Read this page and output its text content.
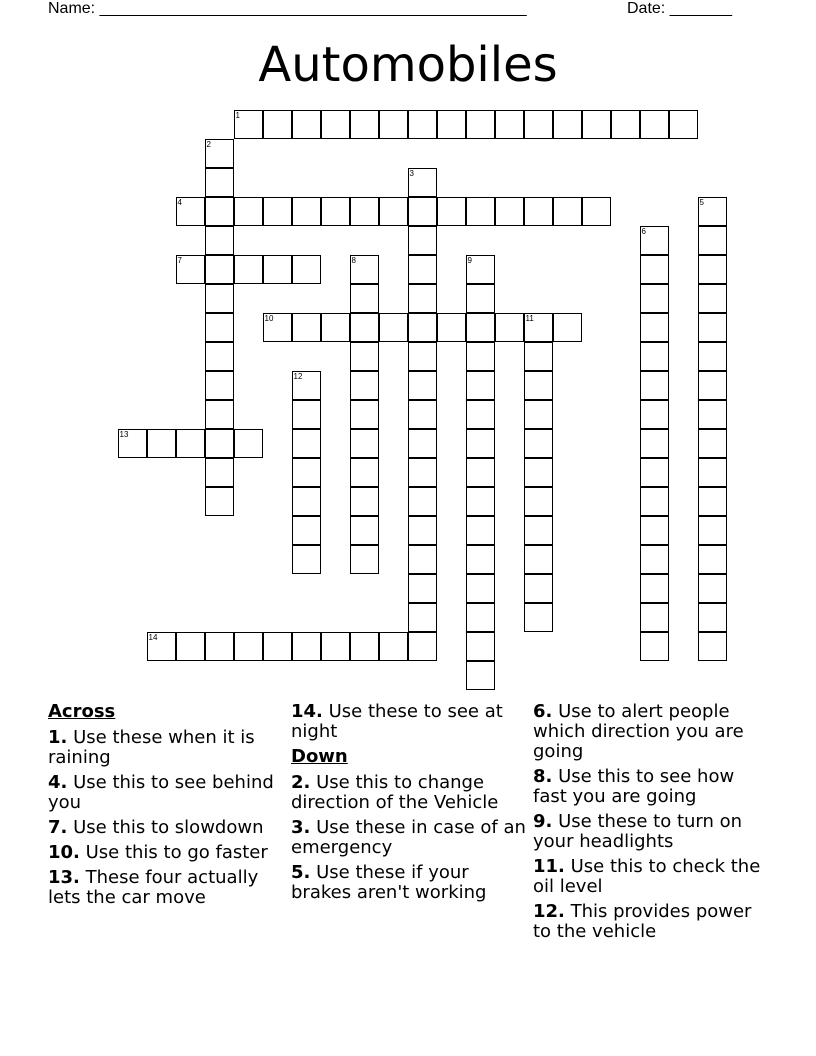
Name: ________________________________________________	Date: _______
Automobiles
1
2
3
4	5
6
7	8	9
10	11
12
13
14
Across
1. Use these when it is raining
4. Use this to see behind you
7. Use this to slowdown
10. Use this to go faster
13. These four actually lets the car move
14. Use these to see at night
Down
2. Use this to change direction of the Vehicle
3. Use these in case of an emergency
5. Use these if your brakes aren't working
6. Use to alert people which direction you are going
8. Use this to see how fast you are going
9. Use these to turn on your headlights
11. Use this to check the oil level
12. This provides power to the vehicle
